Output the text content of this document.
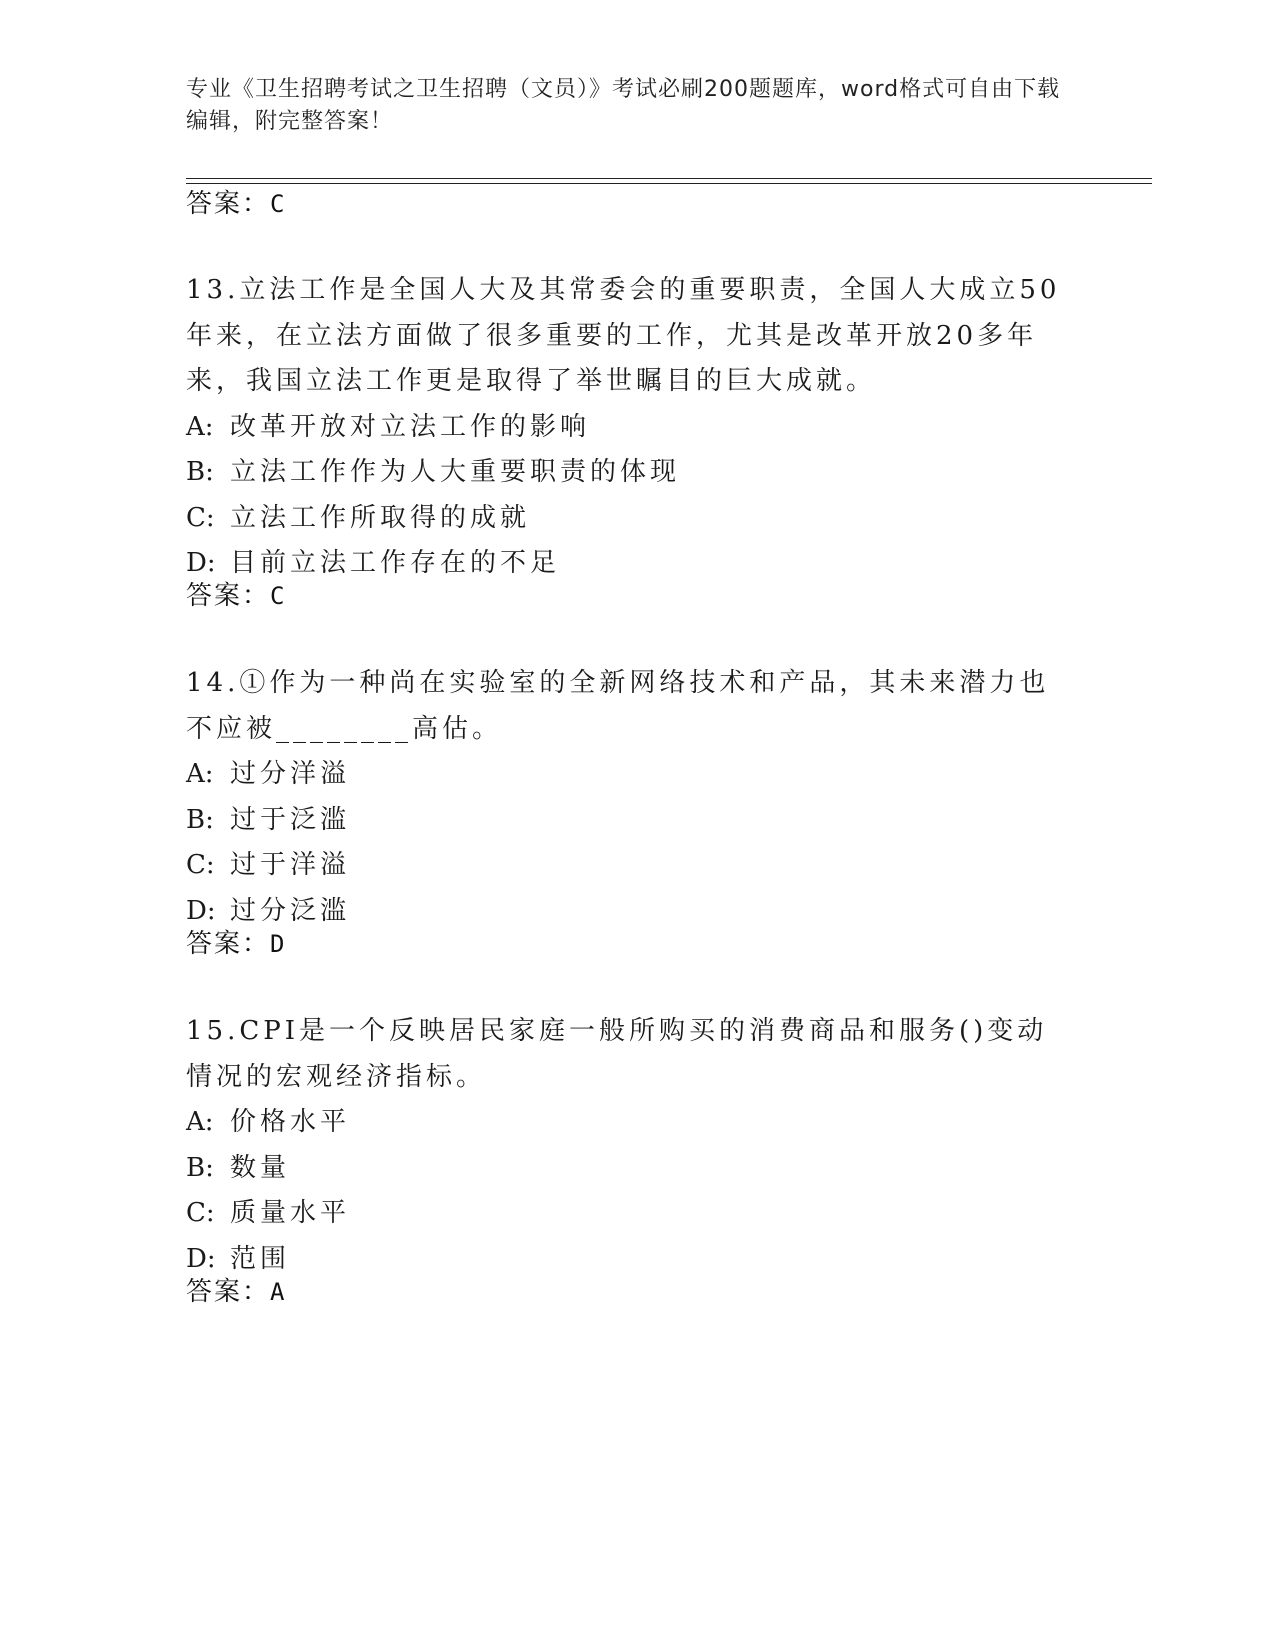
专业《卫生招聘考试之卫生招聘（文员）》考试必刷200题题库，word格式可自由下载编辑，附完整答案！
答案：C

13.立法工作是全国人大及其常委会的重要职责，全国人大成立50年来，在立法方面做了很多重要的工作，尤其是改革开放20多年来，我国立法工作更是取得了举世瞩目的巨大成就。

A: 改革开放对立法工作的影响

B: 立法工作作为人大重要职责的体现

C: 立法工作所取得的成就

D: 目前立法工作存在的不足

答案：C

14.①作为一种尚在实验室的全新网络技术和产品，其未来潜力也不应被________高估。

A: 过分洋溢

B: 过于泛滥

C: 过于洋溢

D: 过分泛滥

答案：D

15.CPI是一个反映居民家庭一般所购买的消费商品和服务()变动情况的宏观经济指标。

A: 价格水平

B: 数量

C: 质量水平

D: 范围

答案：A
